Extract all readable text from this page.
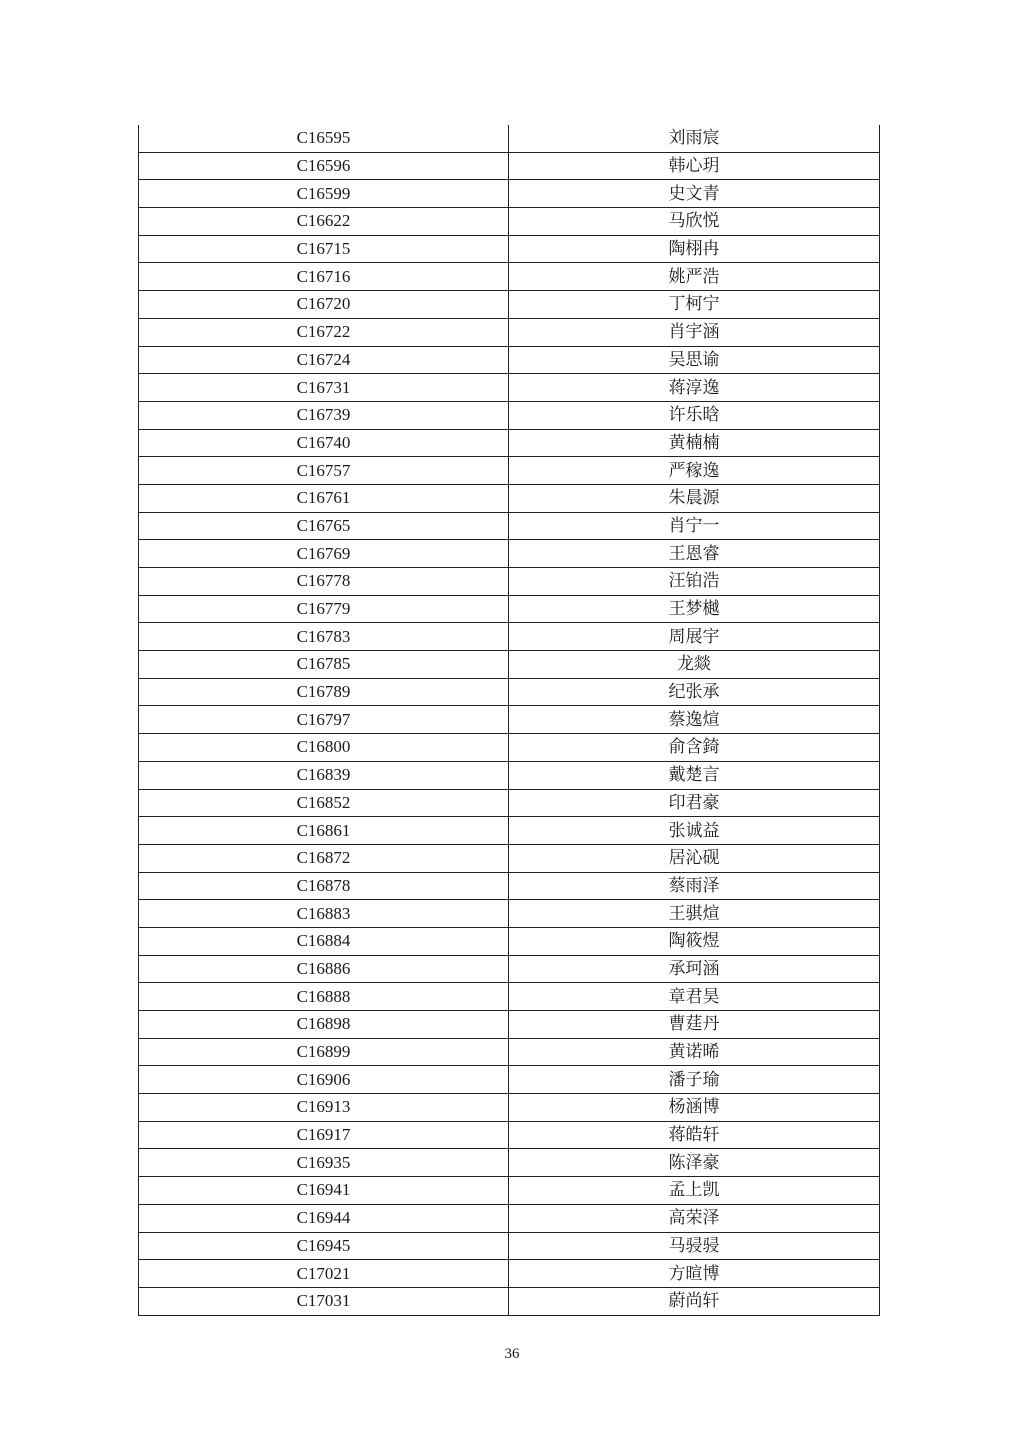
C16595	刘雨宸
C16596	韩心玥
C16599	史文青
C16622	马欣悦
C16715	陶栩冉
C16716	姚严浩
C16720	丁柯宁
C16722	肖宇涵
C16724	吴思谕
C16731	蒋淳逸
C16739	许乐晗
C16740	黄楠楠
C16757	严稼逸
C16761	朱晨源
C16765	肖宁一
C16769	王恩睿
C16778	汪铂浩
C16779	王梦樾
C16783	周展宇
C16785	龙燚
C16789	纪张承
C16797	蔡逸煊
C16800	俞含錡
C16839	戴楚言
C16852	印君豪
C16861	张诚益
C16872	居沁砚
C16878	蔡雨泽
C16883	王骐煊
C16884	陶筱煜
C16886	承珂涵
C16888	章君昊
C16898	曹莛丹
C16899	黄诺晞
C16906	潘子瑜
C16913	杨涵博
C16917	蒋皓轩
C16935	陈泽豪
C16941	孟上凯
C16944	高荣泽
C16945	马骎骎
C17021	方暄博
C17031	蔚尚轩
36
